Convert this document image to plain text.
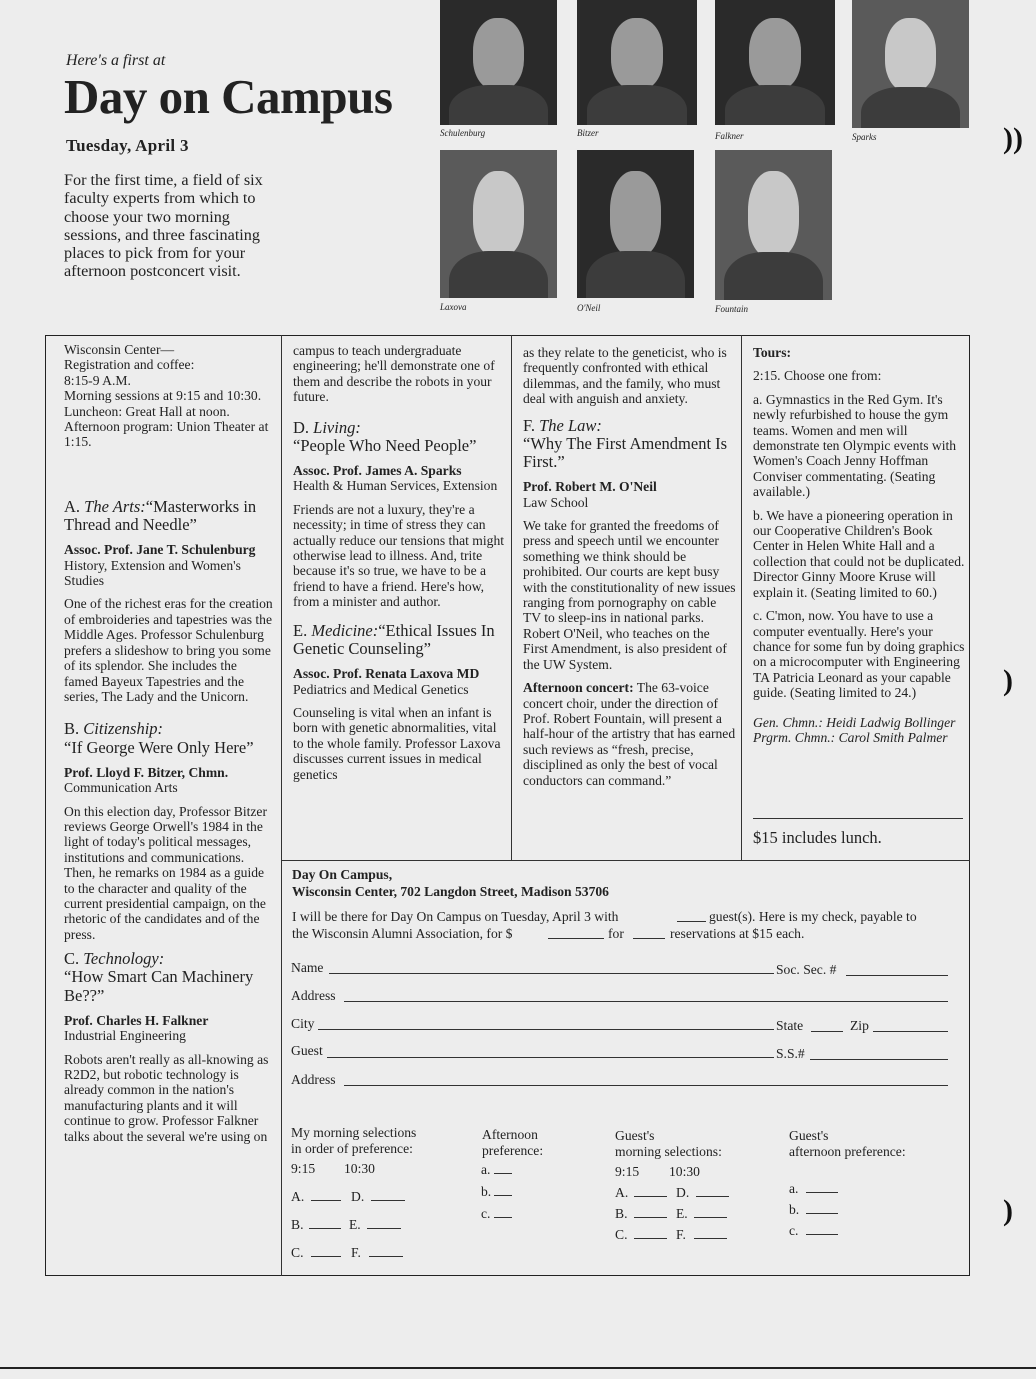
Here's a first at
Day on Campus
Tuesday, April 3
For the first time, a field of six faculty experts from which to choose your two morning sessions, and three fascinating places to pick from for your afternoon postconcert visit.
Schulenburg	Bitzer	Falkner	Sparks
Laxova	O'Neil	Fountain
))
)
)
Wisconsin Center—
Registration and coffee:
8:15-9 A.M.
Morning sessions at 9:15 and 10:30.
Luncheon: Great Hall at noon.
Afternoon program: Union Theater at 1:15.
A. The Arts:“Masterworks in Thread and Needle”
Assoc. Prof. Jane T. Schulenburg

History, Extension and Women's Studies

One of the richest eras for the creation of embroideries and tapestries was the Middle Ages. Professor Schulenburg prefers a slideshow to bring you some of its splendor. She includes the famed Bayeux Tapestries and the series, The Lady and the Unicorn.

B. Citizenship:
“If George Were Only Here”
Prof. Lloyd F. Bitzer, Chmn.

Communication Arts

On this election day, Professor Bitzer reviews George Orwell's 1984 in the light of today's political messages, institutions and communications. Then, he remarks on 1984 as a guide to the character and quality of the current presidential campaign, on the rhetoric of the candidates and of the press.

C. Technology:
“How Smart Can Machinery Be??”
Prof. Charles H. Falkner

Industrial Engineering

Robots aren't really as all-knowing as R2D2, but robotic technology is already common in the nation's manufacturing plants and it will continue to grow. Professor Falkner talks about the several we're using on

campus to teach undergraduate engineering; he'll demonstrate one of them and describe the robots in your future.

D. Living:
“People Who Need People”
Assoc. Prof. James A. Sparks

Health & Human Services, Extension

Friends are not a luxury, they're a necessity; in time of stress they can actually reduce our tensions that might otherwise lead to illness. And, trite because it's so true, we have to be a friend to have a friend. Here's how, from a minister and author.

E. Medicine:“Ethical Issues In Genetic Counseling”
Assoc. Prof. Renata Laxova MD

Pediatrics and Medical Genetics

Counseling is vital when an infant is born with genetic abnormalities, vital to the whole family. Professor Laxova discusses current issues in medical genetics

as they relate to the geneticist, who is frequently confronted with ethical dilemmas, and the family, who must deal with anguish and anxiety.

F. The Law:
“Why The First Amendment Is First.”
Prof. Robert M. O'Neil

Law School

We take for granted the freedoms of press and speech until we encounter something we think should be prohibited. Our courts are kept busy with the constitutionality of new issues ranging from pornography on cable TV to sleep-ins in national parks. Robert O'Neil, who teaches on the First Amendment, is also president of the UW System.

Afternoon concert: The 63-voice concert choir, under the direction of Prof. Robert Fountain, will present a half-hour of the artistry that has earned such reviews as “fresh, precise, disciplined as only the best of vocal conductors can command.”

Tours:

2:15. Choose one from:

a. Gymnastics in the Red Gym. It's newly refurbished to house the gym teams. Women and men will demonstrate ten Olympic events with Women's Coach Jenny Hoffman Conviser commentating. (Seating available.)

b. We have a pioneering operation in our Cooperative Children's Book Center in Helen White Hall and a collection that could not be duplicated. Director Ginny Moore Kruse will explain it. (Seating limited to 60.)

c. C'mon, now. You have to use a computer eventually. Here's your chance for some fun by doing graphics on a microcomputer with Engineering TA Patricia Leonard as your capable guide. (Seating limited to 24.)

Gen. Chmn.: Heidi Ladwig Bollinger
Prgrm. Chmn.: Carol Smith Palmer
$15 includes lunch.
Day On Campus,
Wisconsin Center, 702 Langdon Street, Madison 53706
I will be there for Day On Campus on Tuesday, April 3 with	guest(s). Here is my check, payable to
the Wisconsin Alumni Association, for $	for	reservations at $15 each.
Name	Soc. Sec. #
Address
City	State	Zip
Guest	S.S.#
Address
My morning selections
in order of preference:
9:15 10:30
A.	D.
B.	E.
C.	F.
Afternoon
preference:
a.
b.
c.
Guest's
morning selections:
9:15 10:30
A.	D.
B.	E.
C.	F.
Guest's
afternoon preference:
a.
b.
c.
